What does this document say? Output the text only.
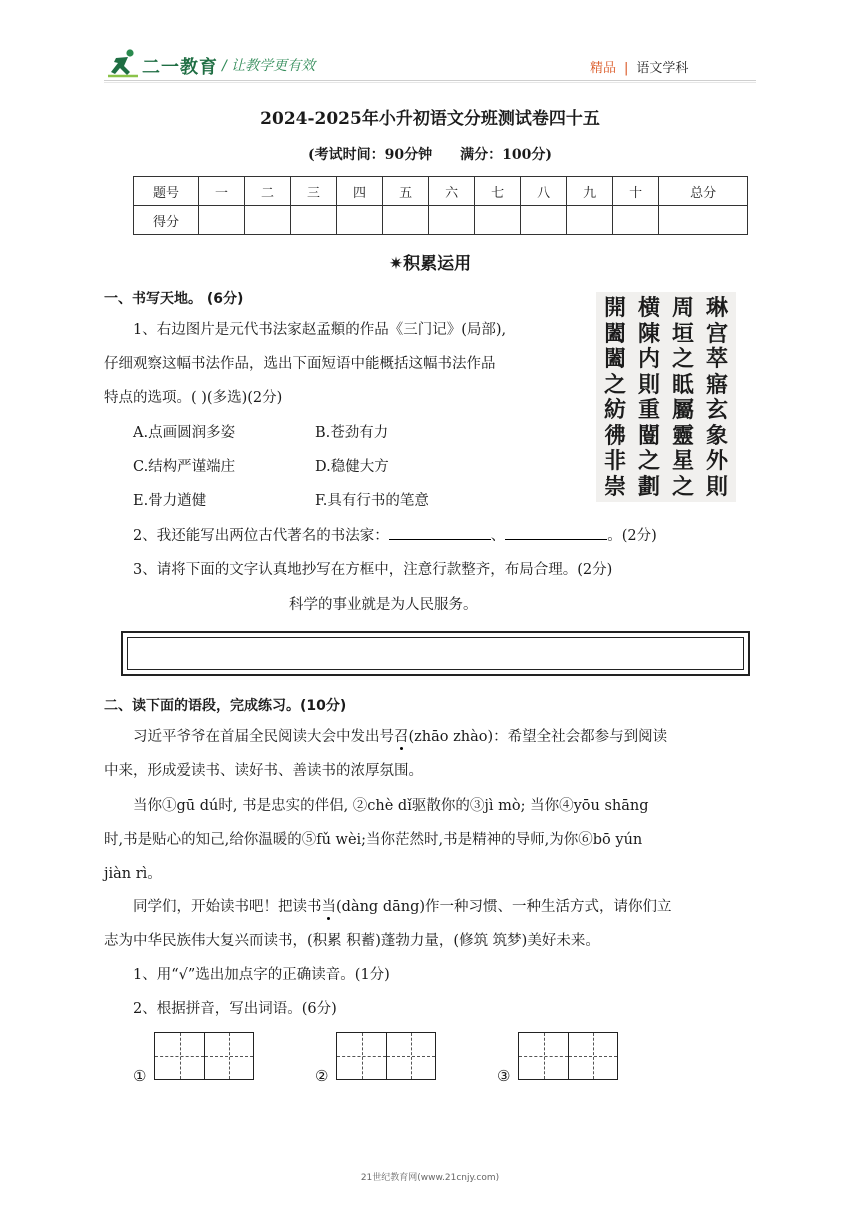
二一教育 / 让教学更有效	精品 | 语文学科
2024-2025年小升初语文分班测试卷四十五
(考试时间：90分钟 满分：100分)
题号	一	二	三	四	五	六	七	八	九	十	总分
得分											
✷积累运用
一、书写天地。 (6分)
1、右边图片是元代书法家赵孟頫的作品《三门记》(局部),
仔细观察这幅书法作品，选出下面短语中能概括这幅书法作品
特点的选项。( )(多选)(2分)
A.点画圆润多姿	B.苍劲有力
C.结构严谨端庄	D.稳健大方
E.骨力遒健	F.具有行书的笔意
開
闔
闔
之
紡
彿
非
崇
横
陳
内
則
重
闓
之
劃
周
垣
之
眡
屬
靈
星
之
琳
宫
萃
寤
玄
象
外
則
2、我还能写出两位古代著名的书法家：	、	。(2分)
3、请将下面的文字认真地抄写在方框中，注意行款整齐，布局合理。(2分)
科学的事业就是为人民服务。
二、读下面的语段，完成练习。(10分)
习近平爷爷在首届全民阅读大会中发出号召(zhāo zhào)：希望全社会都参与到阅读
中来，形成爱读书、读好书、善读书的浓厚氛围。
当你①gū dú时, 书是忠实的伴侣, ②chè dǐ驱散你的③jì mò; 当你④yōu shāng
时,书是贴心的知己,给你温暖的⑤fǔ wèi;当你茫然时,书是精神的导师,为你⑥bō yún
jiàn rì。
同学们，开始读书吧！把读书当(dàng dāng)作一种习惯、一种生活方式，请你们立
志为中华民族伟大复兴而读书，(积累 积蓄)蓬勃力量，(修筑 筑梦)美好未来。
1、用“√”选出加点字的正确读音。(1分)
2、根据拼音，写出词语。(6分)
①	②	③
21世纪教育网(www.21cnjy.com)
